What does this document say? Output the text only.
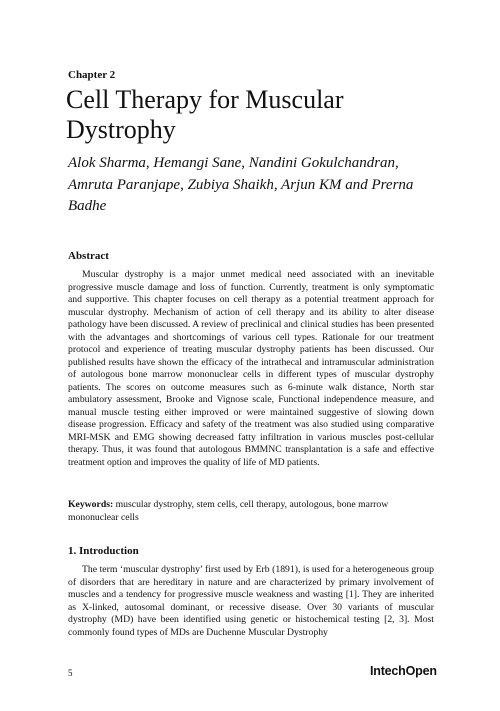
Chapter 2

Cell Therapy for Muscular Dystrophy

Alok Sharma, Hemangi Sane, Nandini Gokulchandran, Amruta Paranjape, Zubiya Shaikh, Arjun KM and Prerna Badhe

Abstract

Muscular dystrophy is a major unmet medical need associated with an inevitable progressive muscle damage and loss of function. Currently, treatment is only symptomatic and supportive. This chapter focuses on cell therapy as a potential treatment approach for muscular dystrophy. Mechanism of action of cell therapy and its ability to alter disease pathology have been discussed. A review of preclinical and clinical studies has been presented with the advantages and shortcomings of various cell types. Rationale for our treatment protocol and experience of treating muscular dystrophy patients has been discussed. Our published results have shown the efficacy of the intrathecal and intramuscular administration of autologous bone marrow mononuclear cells in different types of muscular dystrophy patients. The scores on outcome measures such as 6-minute walk distance, North star ambulatory assessment, Brooke and Vignose scale, Functional independence measure, and manual muscle testing either improved or were maintained suggestive of slowing down disease progression. Efficacy and safety of the treatment was also studied using comparative MRI-MSK and EMG showing decreased fatty infiltration in various muscles post-cellular therapy. Thus, it was found that autologous BMMNC transplantation is a safe and effective treatment option and improves the quality of life of MD patients.

Keywords: muscular dystrophy, stem cells, cell therapy, autologous, bone marrow mononuclear cells

1. Introduction

The term ‘muscular dystrophy’ first used by Erb (1891), is used for a heterogeneous group of disorders that are hereditary in nature and are characterized by primary involvement of muscles and a tendency for progressive muscle weakness and wasting [1]. They are inherited as X-linked, autosomal dominant, or recessive disease. Over 30 variants of muscular dystrophy (MD) have been identified using genetic or histochemical testing [2, 3]. Most commonly found types of MDs are Duchenne Muscular Dystrophy

5	IntechOpen
